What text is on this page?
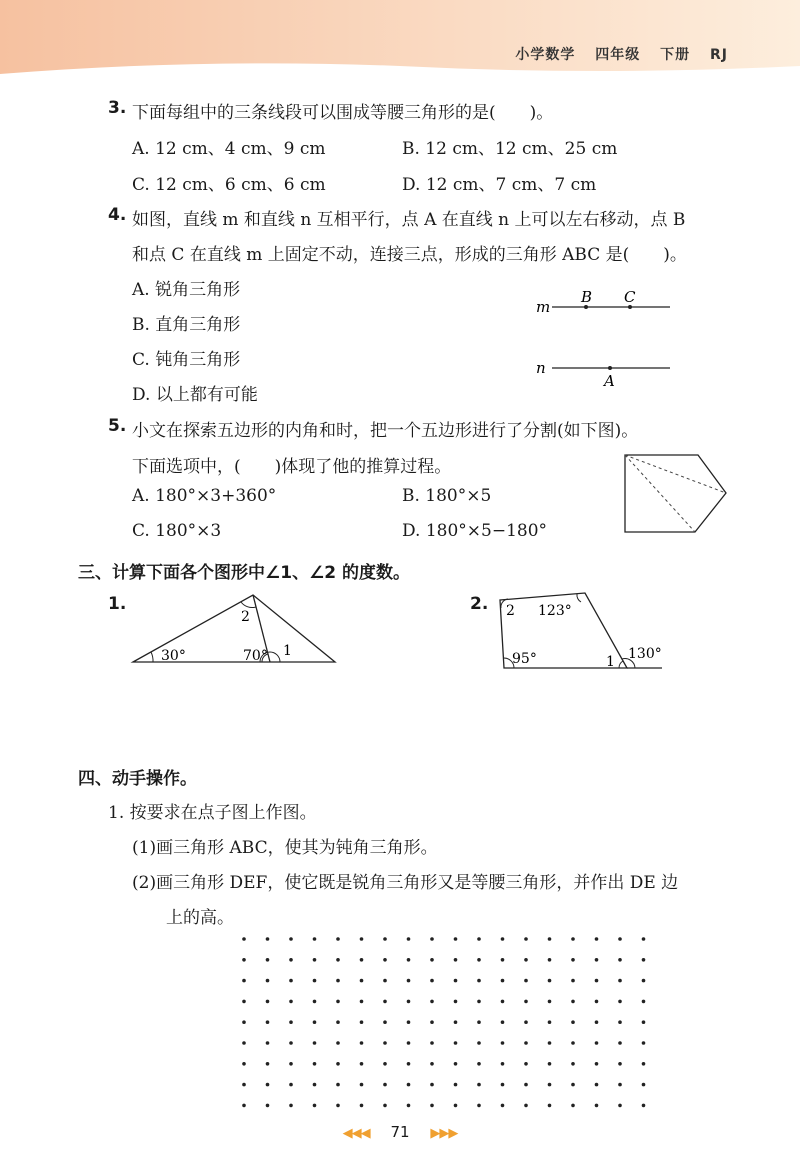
小学数学 四年级 下册 RJ
3. 下面每组中的三条线段可以围成等腰三角形的是(　　)。
A. 12 cm、4 cm、9 cm	B. 12 cm、12 cm、25 cm
C. 12 cm、6 cm、6 cm	D. 12 cm、7 cm、7 cm
4. 如图，直线 m 和直线 n 互相平行，点 A 在直线 n 上可以左右移动，点 B
和点 C 在直线 m 上固定不动，连接三点，形成的三角形 ABC 是(　　)。
A. 锐角三角形
B. 直角三角形
C. 钝角三角形
D. 以上都有可能
m
n
B C
A
5. 小文在探索五边形的内角和时，把一个五边形进行了分割(如下图)。
下面选项中，(　　)体现了他的推算过程。
A. 180°×3+360°	B. 180°×5
C. 180°×3	D. 180°×5−180°
三、计算下面各个图形中∠1、∠2 的度数。
1.
30°	70° 1
2
2. 2 123°
95°	1 130°
四、动手操作。
1. 按要求在点子图上作图。
(1)画三角形 ABC，使其为钝角三角形。
(2)画三角形 DEF，使它既是锐角三角形又是等腰三角形，并作出 DE 边
上的高。
◀◀◀ 71 ▶▶▶
